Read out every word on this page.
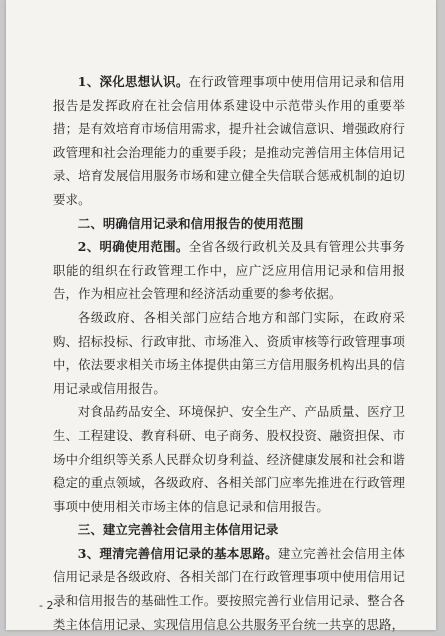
1、深化思想认识。在行政管理事项中使用信用记录和信用报告是发挥政府在社会信用体系建设中示范带头作用的重要举措；是有效培育市场信用需求，提升社会诚信意识、增强政府行政管理和社会治理能力的重要手段；是推动完善信用主体信用记录、培育发展信用服务市场和建立健全失信联合惩戒机制的迫切要求。

二、明确信用记录和信用报告的使用范围

2、明确使用范围。全省各级行政机关及具有管理公共事务职能的组织在行政管理工作中，应广泛应用信用记录和信用报告，作为相应社会管理和经济活动重要的参考依据。

各级政府、各相关部门应结合地方和部门实际，在政府采购、招标投标、行政审批、市场准入、资质审核等行政管理事项中，依法要求相关市场主体提供由第三方信用服务机构出具的信用记录或信用报告。

对食品药品安全、环境保护、安全生产、产品质量、医疗卫生、工程建设、教育科研、电子商务、股权投资、融资担保、市场中介组织等关系人民群众切身利益、经济健康发展和社会和谐稳定的重点领域，各级政府、各相关部门应率先推进在行政管理事项中使用相关市场主体的信息记录和信用报告。

三、建立完善社会信用主体信用记录

3、理清完善信用记录的基本思路。建立完善社会信用主体信用记录是各级政府、各相关部门在行政管理事项中使用信用记录和信用报告的基础性工作。要按照完善行业信用记录、整合各类主体信用记录、实现信用信息公共服务平台统一共享的思路，

- 2 -
